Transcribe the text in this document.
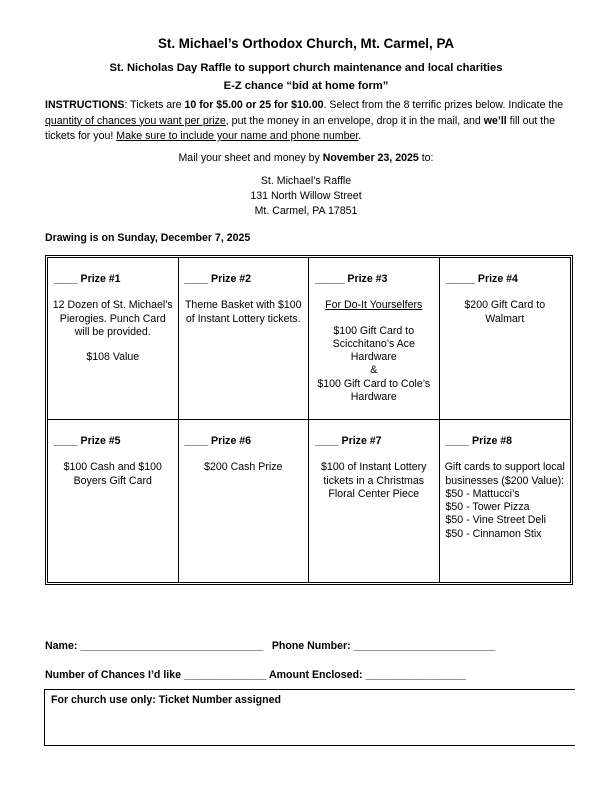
St. Michael’s Orthodox Church, Mt. Carmel, PA
St. Nicholas Day Raffle to support church maintenance and local charities
E-Z chance “bid at home form”
INSTRUCTIONS: Tickets are 10 for $5.00 or 25 for $10.00. Select from the 8 terrific prizes below. Indicate the quantity of chances you want per prize, put the money in an envelope, drop it in the mail, and we’ll fill out the tickets for you! Make sure to include your name and phone number.
Mail your sheet and money by November 23, 2025 to:
St. Michael’s Raffle
131 North Willow Street
Mt. Carmel, PA 17851
Drawing is on Sunday, December 7, 2025
____ Prize #1

12 Dozen of St. Michael’s Pierogies. Punch Card will be provided.

$108 Value

____ Prize #2

Theme Basket with $100 of Instant Lottery tickets.

_____ Prize #3

For Do-It Yourselfers

$100 Gift Card to Scicchitano’s Ace Hardware

&

$100 Gift Card to Cole’s Hardware

_____ Prize #4

$200 Gift Card to Walmart

____ Prize #5

$100 Cash and $100 Boyers Gift Card

____ Prize #6

$200 Cash Prize

____ Prize #7

$100 of Instant Lottery tickets in a Christmas Floral Center Piece

____ Prize #8

Gift cards to support local businesses ($200 Value):

$50 - Mattucci’s

$50 - Tower Pizza

$50 - Vine Street Deli

$50 - Cinnamon Stix

Name: _______________________________ Phone Number: ________________________
Number of Chances I’d like ______________ Amount Enclosed: _________________
For church use only: Ticket Number assigned
